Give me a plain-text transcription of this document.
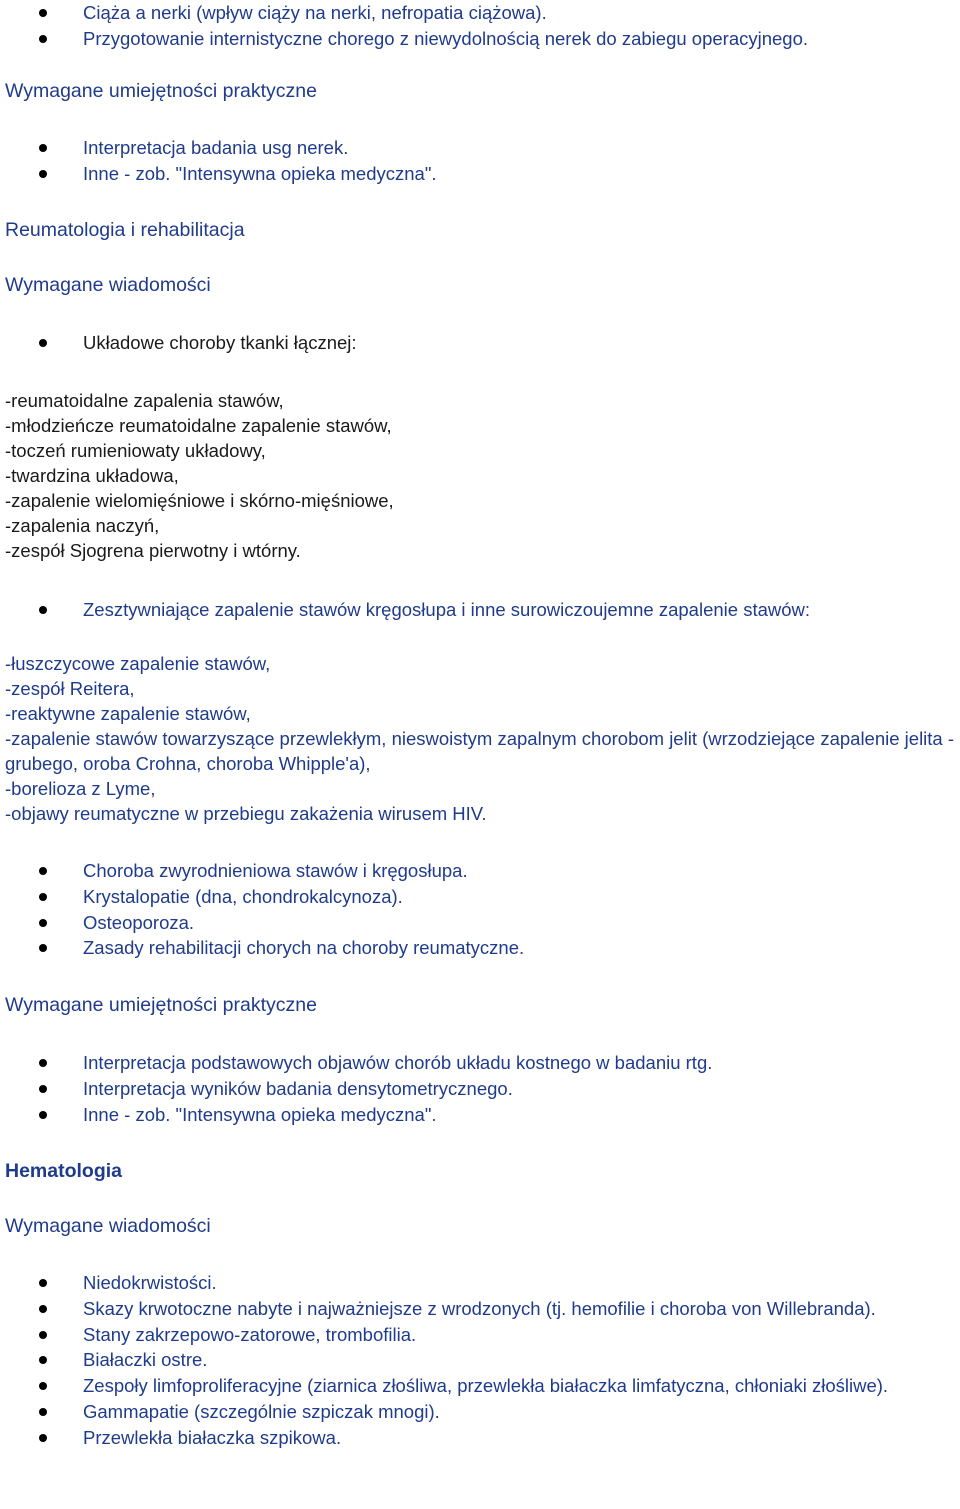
Ciąża a nerki (wpływ ciąży na nerki, nefropatia ciążowa).
Przygotowanie internistyczne chorego z niewydolnością nerek do zabiegu operacyjnego.
Wymagane umiejętności praktyczne
Interpretacja badania usg nerek.
Inne - zob. "Intensywna opieka medyczna".
Reumatologia i rehabilitacja
Wymagane wiadomości
Układowe choroby tkanki łącznej:
-reumatoidalne zapalenia stawów,
-młodzieńcze reumatoidalne zapalenie stawów,
-toczeń rumieniowaty układowy,
-twardzina układowa,
-zapalenie wielomięśniowe i skórno-mięśniowe,
-zapalenia naczyń,
-zespół Sjogrena pierwotny i wtórny.
Zesztywniające zapalenie stawów kręgosłupa i inne surowiczoujemne zapalenie stawów:
-łuszczycowe zapalenie stawów,
-zespół Reitera,
-reaktywne zapalenie stawów,
-zapalenie stawów towarzyszące przewlekłym, nieswoistym zapalnym chorobom jelit (wrzodziejące zapalenie jelita -grubego, oroba Crohna, choroba Whipple'a),
-borelioza z Lyme,
-objawy reumatyczne w przebiegu zakażenia wirusem HIV.
Choroba zwyrodnieniowa stawów i kręgosłupa.
Krystalopatie (dna, chondrokalcynoza).
Osteoporoza.
Zasady rehabilitacji chorych na choroby reumatyczne.
Wymagane umiejętności praktyczne
Interpretacja podstawowych objawów chorób układu kostnego w badaniu rtg.
Interpretacja wyników badania densytometrycznego.
Inne - zob. "Intensywna opieka medyczna".
Hematologia
Wymagane wiadomości
Niedokrwistości.
Skazy krwotoczne nabyte i najważniejsze z wrodzonych (tj. hemofilie i choroba von Willebranda).
Stany zakrzepowo-zatorowe, trombofilia.
Białaczki ostre.
Zespoły limfoproliferacyjne (ziarnica złośliwa, przewlekła białaczka limfatyczna, chłoniaki złośliwe).
Gammapatie (szczególnie szpiczak mnogi).
Przewlekła białaczka szpikowa.
